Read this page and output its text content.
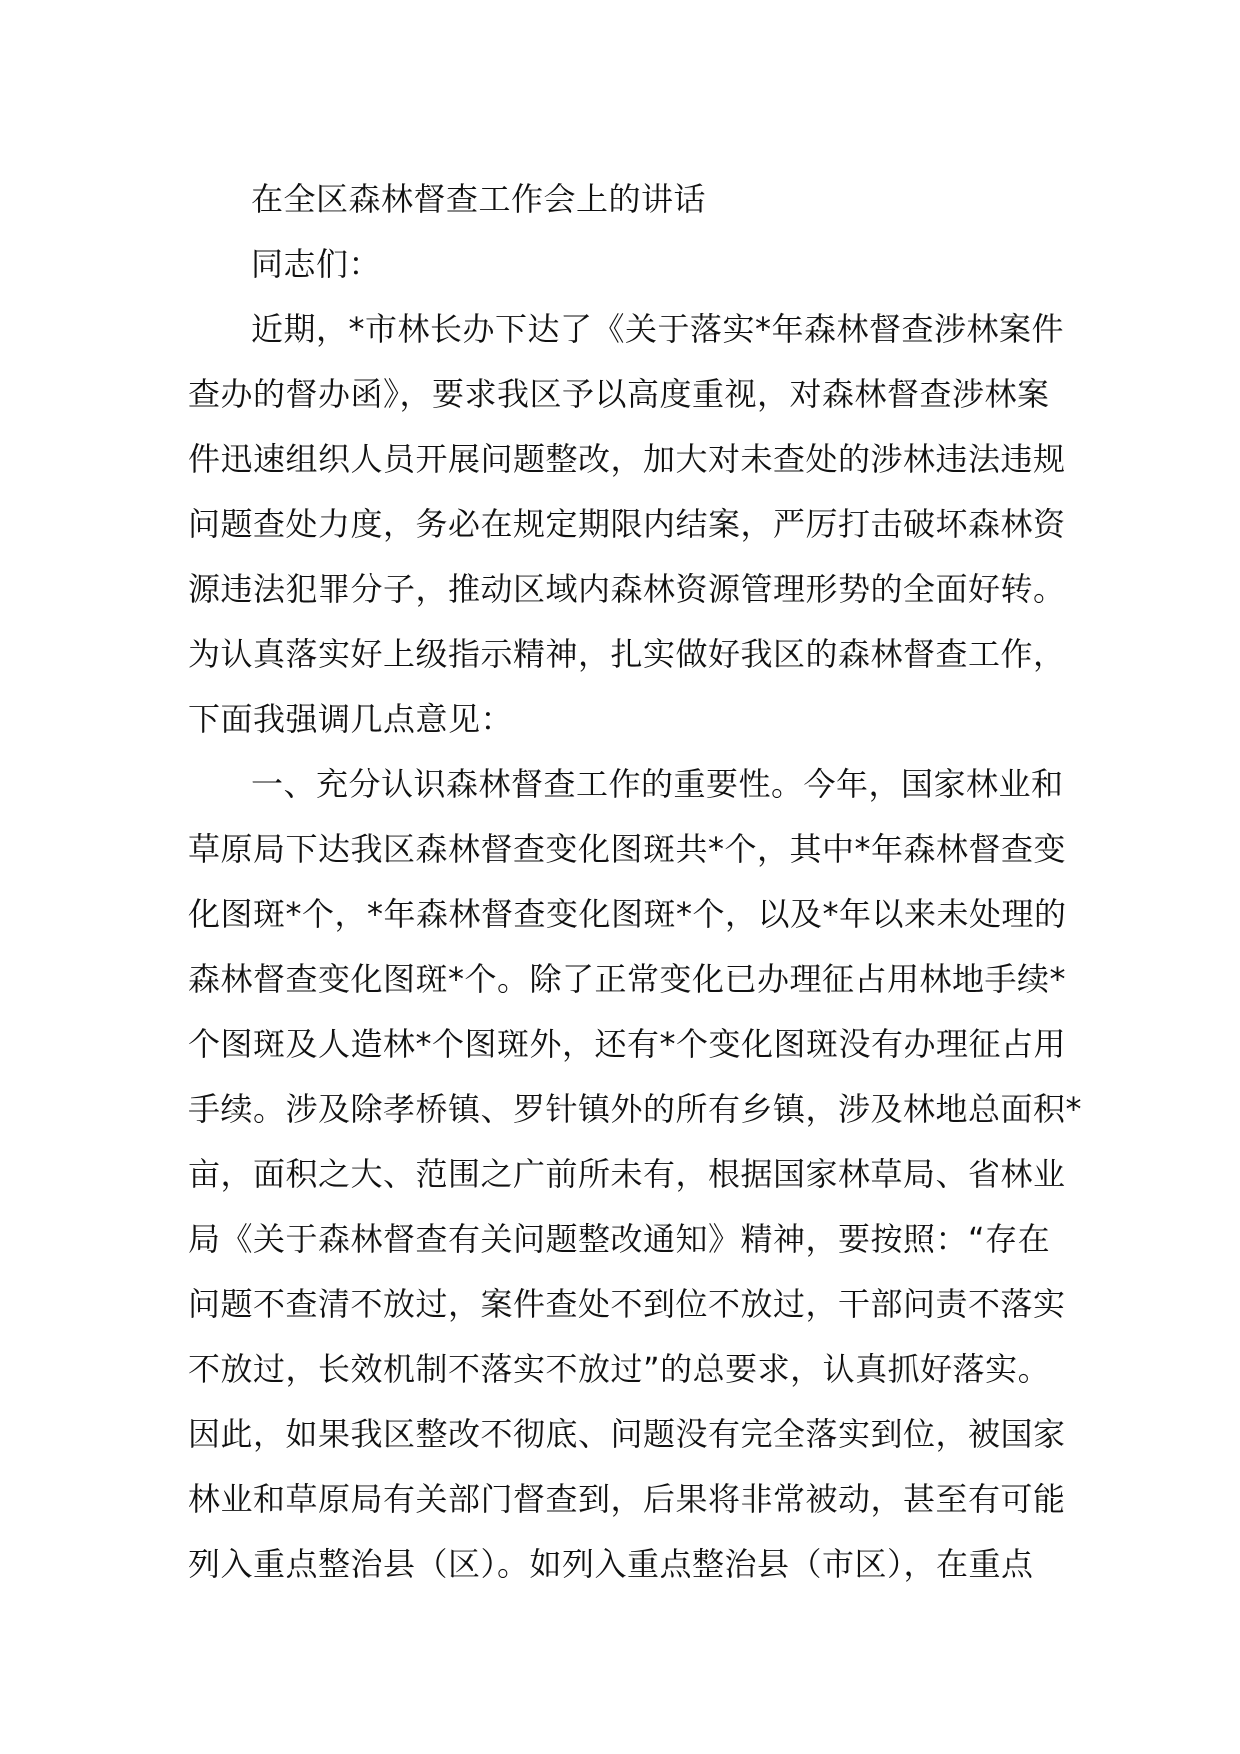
在全区森林督查工作会上的讲话
同志们：
近期，*市林长办下达了《关于落实*年森林督查涉林案件
查办的督办函》，要求我区予以高度重视，对森林督查涉林案
件迅速组织人员开展问题整改，加大对未查处的涉林违法违规
问题查处力度，务必在规定期限内结案，严厉打击破坏森林资
源违法犯罪分子，推动区域内森林资源管理形势的全面好转。
为认真落实好上级指示精神，扎实做好我区的森林督查工作，
下面我强调几点意见：
一、充分认识森林督查工作的重要性。今年，国家林业和
草原局下达我区森林督查变化图斑共*个，其中*年森林督查变
化图斑*个，*年森林督查变化图斑*个，以及*年以来未处理的
森林督查变化图斑*个。除了正常变化已办理征占用林地手续*
个图斑及人造林*个图斑外，还有*个变化图斑没有办理征占用
手续。涉及除孝桥镇、罗针镇外的所有乡镇，涉及林地总面积*
亩，面积之大、范围之广前所未有，根据国家林草局、省林业
局《关于森林督查有关问题整改通知》精神，要按照：“存在
问题不查清不放过，案件查处不到位不放过，干部问责不落实
不放过，长效机制不落实不放过”的总要求，认真抓好落实。
因此，如果我区整改不彻底、问题没有完全落实到位，被国家
林业和草原局有关部门督查到，后果将非常被动，甚至有可能
列入重点整治县（区）。如列入重点整治县（市区），在重点
